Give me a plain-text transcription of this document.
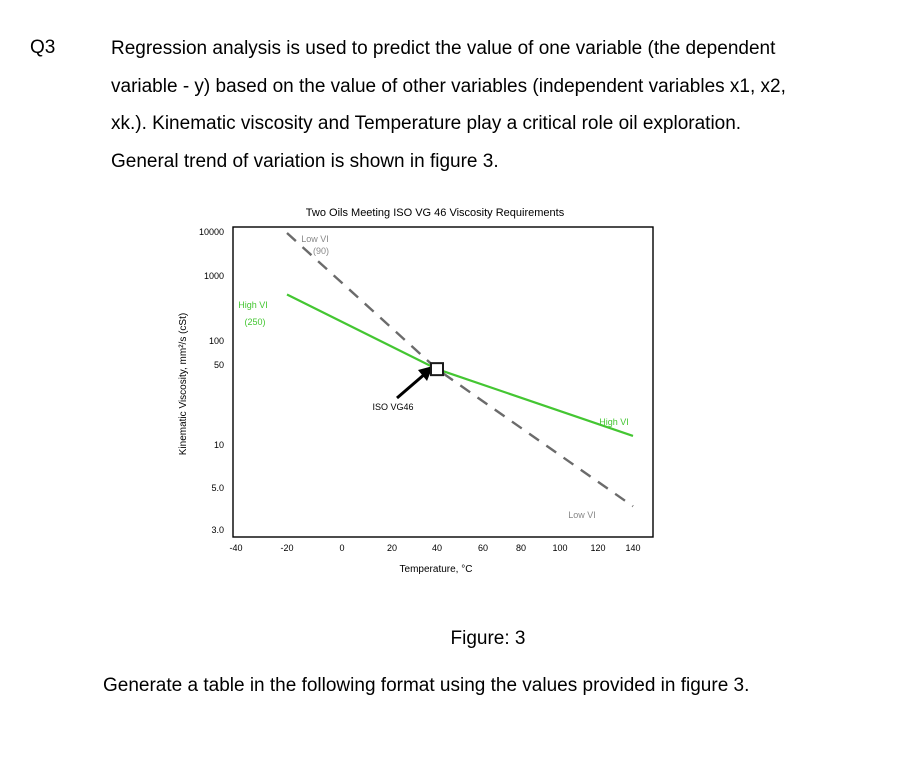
Q3	Regression analysis is used to predict the value of one variable (the dependent

variable - y) based on the value of other variables (independent variables x1, x2,

xk.). Kinematic viscosity and Temperature play a critical role oil exploration.

General trend of variation is shown in figure 3.

Two Oils Meeting ISO VG 46 Viscosity Requirements
10000
1000
100
50
10
5.0
3.0
-40	-20	0	20	40	60	80	100	120 140
Kinematic Viscosity, mm²/s (cSt)
Temperature, °C
Low VI
(90)
High VI
(250)
ISO VG46
High VI
Low VI
Figure: 3
Generate a table in the following format using the values provided in figure 3.
